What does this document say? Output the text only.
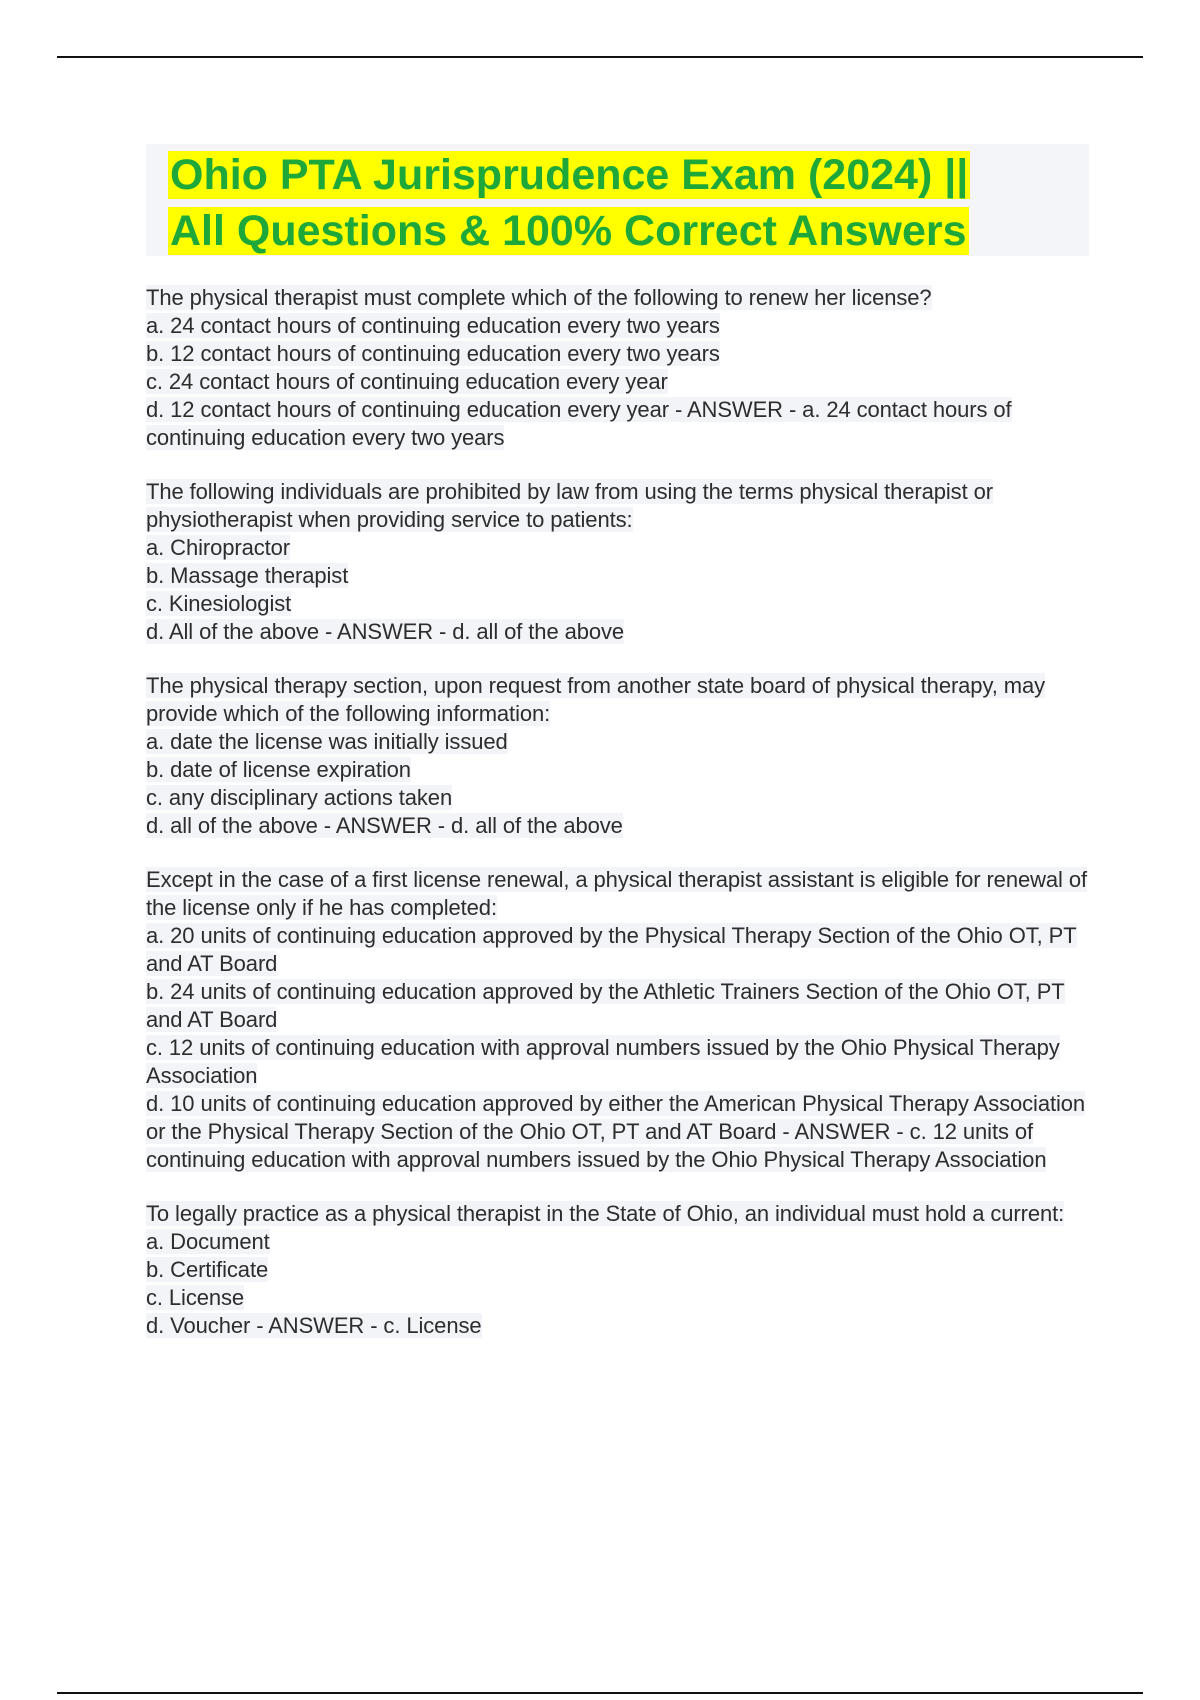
Ohio PTA Jurisprudence Exam (2024) ||
All Questions & 100% Correct Answers

The physical therapist must complete which of the following to renew her license?

a. 24 contact hours of continuing education every two years

b. 12 contact hours of continuing education every two years

c. 24 contact hours of continuing education every year

d. 12 contact hours of continuing education every year - ANSWER - a. 24 contact hours of continuing education every two years

The following individuals are prohibited by law from using the terms physical therapist or physiotherapist when providing service to patients:

a. Chiropractor

b. Massage therapist

c. Kinesiologist

d. All of the above - ANSWER - d. all of the above

The physical therapy section, upon request from another state board of physical therapy, may provide which of the following information:

a. date the license was initially issued

b. date of license expiration

c. any disciplinary actions taken

d. all of the above - ANSWER - d. all of the above

Except in the case of a first license renewal, a physical therapist assistant is eligible for renewal of the license only if he has completed:

a. 20 units of continuing education approved by the Physical Therapy Section of the Ohio OT, PT and AT Board

b. 24 units of continuing education approved by the Athletic Trainers Section of the Ohio OT, PT and AT Board

c. 12 units of continuing education with approval numbers issued by the Ohio Physical Therapy Association

d. 10 units of continuing education approved by either the American Physical Therapy Association or the Physical Therapy Section of the Ohio OT, PT and AT Board - ANSWER - c. 12 units of continuing education with approval numbers issued by the Ohio Physical Therapy Association

To legally practice as a physical therapist in the State of Ohio, an individual must hold a current:

a. Document

b. Certificate

c. License

d. Voucher - ANSWER - c. License
